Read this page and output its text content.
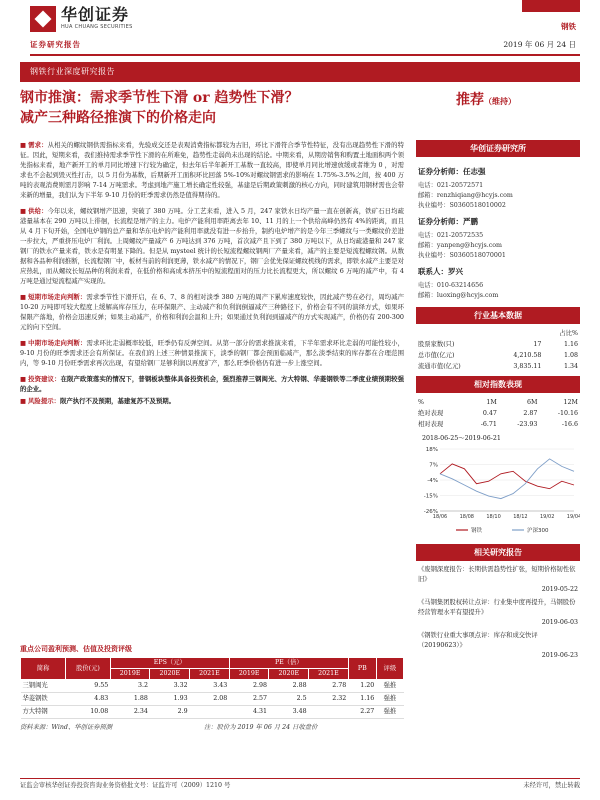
华创证券
HUA CHUANG SECURITIES	钢铁
2019 年 06 月 24 日
证券研究报告
钢铁行业深度研究报告
钢市推演：需求季节性下滑 or 趋势性下滑？
减产三种路径推演下的价格走向
推荐（维持）

■ 需求：从相关的螺纹钢供需指标来看，先验成交还是表观消费指标都较为古旧，环比下滑符合季节性特征，没有出现趋势性下滑的特征。因此，短期来看，我们推持需求季节性下滑的在所难免，趋势性走弱尚未出现的结论。中期来看，从期房销售和购置土地面积两个领先指标来看，地产新开工的单月同比增速下行较为确定，但去年后半年新开工基数一直较高，即使单月同比增速放缓或者维为 0 ，对需求也不会起到毁灭性打击，以 5 月份为基数，后期新开工面积环比回落 5%-10%对螺纹钢需求的影响在 1.75%-3.5%之间，按 400 万吨的表观消费则需月影响 7-14 万吨需求。考虑到地产施工增长确定性较强，基建是后期政策刺激的核心方向，同时建筑用钢材需也会带来新的增量，我们认为下半年 9-10 月份的旺季需求仍然是值得期待的。

■ 供给：今年以来，螺纹钢增产迅速，突破了 380 万吨。分工艺来看，进入 5 月，247 家铁水日均产量一直在创新高，铁矿石日均疏港量基本在 290 万吨以上徘徊，长流程是增产的主力。电炉产能利用率距离去年 10、11 月的上一个供给高峰仍然有 4%的距离，而且从 4 月下旬开始，全国电炉钢的总产量和华东电炉的产能利用率就没有进一步抬升，制约电炉增产的是今年三季螺纹与一类螺纹价差进一步拉大，严重挤压电炉厂利润。上周螺纹产量减产 6 万吨达到 376 万吨，首次减产且下到了 380 万吨以下，从日均疏港量和 247 家钢厂的铁水产量来看，铁水是有明显下降的。但是从 mysteel 统计的长短流程螺纹钢两厂产量来看，减产的主要是短流程螺纹钢。从数据和各品种利润推断，长流程钢厂中，板材当前的利润更薄，铁水减产的情况下，钢厂会优先保证螺纹机线的需求，即铁水减产主要是对应热轧，而从螺纹长短品种的利润来看，在低价格和高成本挤压中的短流程面对的压力比长流程更大，所以螺纹 6 万吨的减产中，有 4 万吨是通过短流程减产实现的。

■ 短期市场走向判断：需求季节性下滑开启，在 6、7、8 的相对淡季 380 万吨的周产下累库速度较快，因此减产势在必行，周均减产 10-20 万吨即可较大程度上缓解高库存压力，在环保限产、主动减产和负利润倒逼减产三种路径下，价格会有不同的演绎方式，如果环保限产落地，价格会迅速反弹；如果主动减产，价格和利润会温和上升；如果通过负利润到逼减产的方式实现减产，价格仍有 200-300 元的向下空间。

■ 中期市场走向判断：需求环比走弱概率较低，旺季仍有反弹空间。从第一部分的需求推演来看，下半年需求环比走弱的可能性较小，9-10 月份的旺季需求还会有所保证。在我们的上述三种情景推演下，淡季的钢厂都会预面临减产，那么淡季结束的库存都在合理范围内，等 9-10 月份旺季需求再次出现，有望给钢厂足够利润以再度扩产，那么旺季价格仍有进一步上涨空间。

■ 投资建议：在限产政策落实的情况下，普钢板块整体具备投资机会，强烈推荐三钢闽光、方大特钢、华菱钢铁等二季度业绩预期较强的企业。

■ 风险提示：限产执行不及预期，基建复苏不及预期。

华创证券研究所
证券分析师：任志强
电话：021-20572571
邮箱：renzhiqiang@hcyjs.com
执业编号：S0360518010002
证券分析师：严鹏
电话：021-20572535
邮箱：yanpeng@hcyjs.com
执业编号：S0360518070001
联系人：罗兴
电话：010-63214656
邮箱：luoxing@hcyjs.com
行业基本数据
		占比%
股票家数(只)	17	1.16
总市值(亿元)	4,210.58	1.08
流通市值(亿元)	3,835.11	1.34
相对指数表现
%	1M	6M	12M
绝对表现	0.47	2.87	-10.16
相对表现	-6.71	-23.93	-16.6
2018-06-25～2019-06-21
18%
7%
-4%
-15%
-26%
18/06 18/08 18/10 18/12 19/02 19/04
钢铁	沪深300
相关研究报告
《废钢深度报告：长期供需趋势性扩张，短期价格韧性依旧》
2019-05-22
《马钢集团股权转让点评：行业集中度再提升，马钢股份经营管理水平有望提升》
2019-06-03
《钢铁行业重大事项点评：库存和成交快评（20190623）》
2019-06-23
重点公司盈利预测、估值及投资评级
简称	股价(元)	EPS（元）			PE（倍）			PB	评级
		2019E	2020E	2021E	2019E	2020E	2021E		
三钢闽光	9.55	3.2	3.32	3.43	2.98	2.88	2.78	1.20	强推
华菱钢铁	4.83	1.88	1.93	2.08	2.57	2.5	2.32	1.16	强推
方大特钢	10.08	2.34	2.9		4.31	3.48		2.27	强推
资料来源：Wind、华创证券预测	注：股价为 2019 年 06 月 24 日收盘价
证监会审核华创证券投资咨询业务资格批文号：证监许可（2009）1210 号	未经许可，禁止转载
